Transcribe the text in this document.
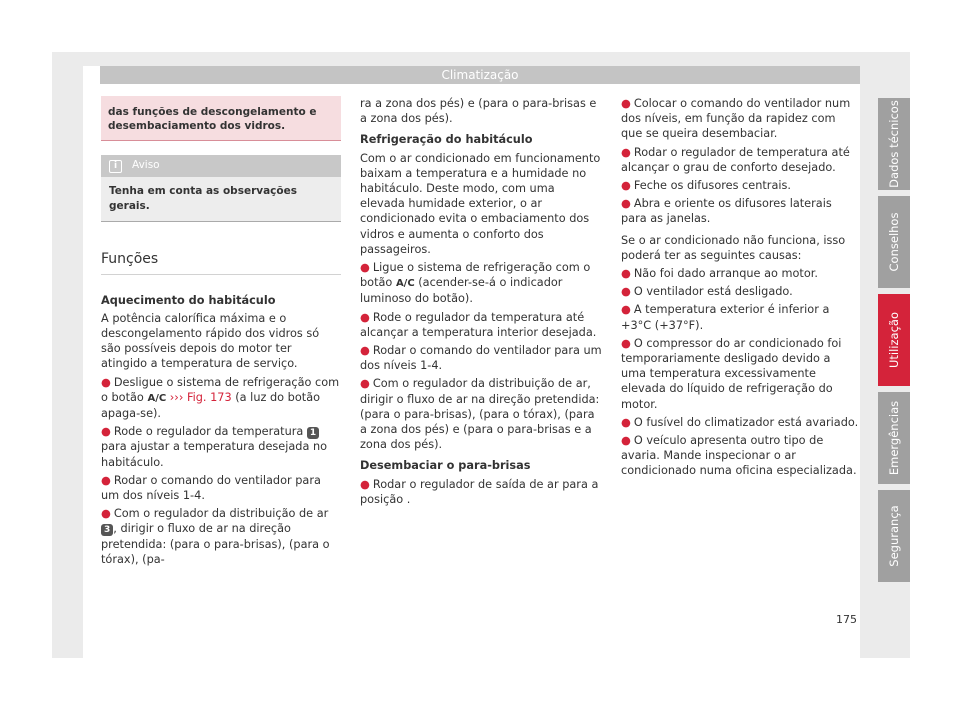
Climatização
das funções de descongelamento e desembaciamento dos vidros.
i	Aviso
Tenha em conta as observações gerais.
Funções

Aquecimento do habitáculo

A potência calorífica máxima e o descongelamento rápido dos vidros só são possíveis depois do motor ter atingido a temperatura de serviço.

● Desligue o sistema de refrigeração com o botão A/C ››› Fig. 173 (a luz do botão apaga-se).

● Rode o regulador da temperatura 1 para ajustar a temperatura desejada no habitáculo.

● Rodar o comando do ventilador para um dos níveis 1-4.

● Com o regulador da distribuição de ar 3 , dirigir o fluxo de ar na direção pretendida: (para o para-brisas), (para o tórax), (pa-

ra a zona dos pés) e (para o para-brisas e a zona dos pés).

Refrigeração do habitáculo

Com o ar condicionado em funcionamento baixam a temperatura e a humidade no habitáculo. Deste modo, com uma elevada humidade exterior, o ar condicionado evita o embaciamento dos vidros e aumenta o conforto dos passageiros.

● Ligue o sistema de refrigeração com o botão A/C (acender-se-á o indicador luminoso do botão).

● Rode o regulador da temperatura até alcançar a temperatura interior desejada.

● Rodar o comando do ventilador para um dos níveis 1-4.

● Com o regulador da distribuição de ar, dirigir o fluxo de ar na direção pretendida: (para o para-brisas), (para o tórax), (para a zona dos pés) e (para o para-brisas e a zona dos pés).

Desembaciar o para-brisas

● Rodar o regulador de saída de ar para a posição .

● Colocar o comando do ventilador num dos níveis, em função da rapidez com que se queira desembaciar.

● Rodar o regulador de temperatura até alcançar o grau de conforto desejado.

● Feche os difusores centrais.

● Abra e oriente os difusores laterais para as janelas.

Se o ar condicionado não funciona, isso poderá ter as seguintes causas:

● Não foi dado arranque ao motor.

● O ventilador está desligado.

● A temperatura exterior é inferior a +3°C (+37°F).

● O compressor do ar condicionado foi temporariamente desligado devido a uma temperatura excessivamente elevada do líquido de refrigeração do motor.

● O fusível do climatizador está avariado.

● O veículo apresenta outro tipo de avaria. Mande inspecionar o ar condicionado numa oficina especializada.

Dados técnicos
Conselhos
Utilização
Emergências
Segurança
175
